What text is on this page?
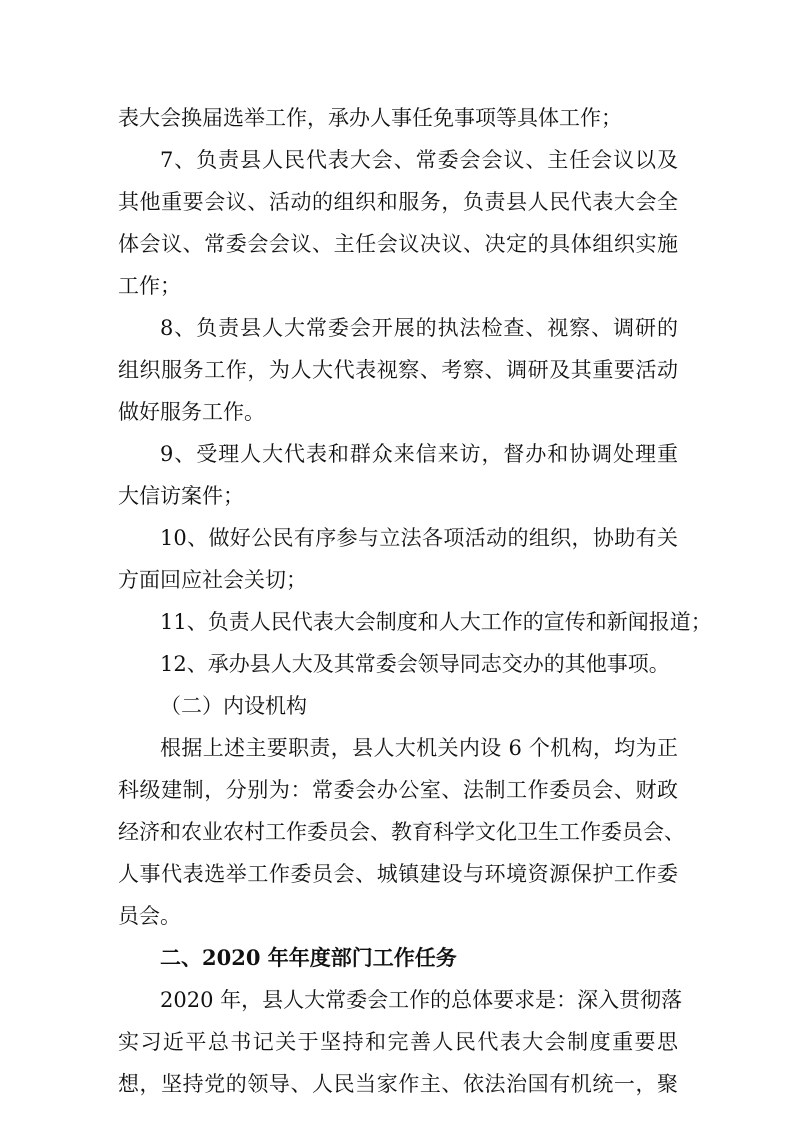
表大会换届选举工作，承办人事任免事项等具体工作；
7、负责县人民代表大会、常委会会议、主任会议以及
其他重要会议、活动的组织和服务，负责县人民代表大会全
体会议、常委会会议、主任会议决议、决定的具体组织实施
工作；
8、负责县人大常委会开展的执法检查、视察、调研的
组织服务工作，为人大代表视察、考察、调研及其重要活动
做好服务工作。
9、受理人大代表和群众来信来访，督办和协调处理重
大信访案件；
10、做好公民有序参与立法各项活动的组织，协助有关
方面回应社会关切；
11、负责人民代表大会制度和人大工作的宣传和新闻报道；
12、承办县人大及其常委会领导同志交办的其他事项。
（二）内设机构
根据上述主要职责，县人大机关内设 6 个机构，均为正
科级建制，分别为：常委会办公室、法制工作委员会、财政
经济和农业农村工作委员会、教育科学文化卫生工作委员会、
人事代表选举工作委员会、城镇建设与环境资源保护工作委
员会。
二、2020 年年度部门工作任务
2020 年，县人大常委会工作的总体要求是：深入贯彻落
实习近平总书记关于坚持和完善人民代表大会制度重要思
想，坚持党的领导、人民当家作主、依法治国有机统一，聚
